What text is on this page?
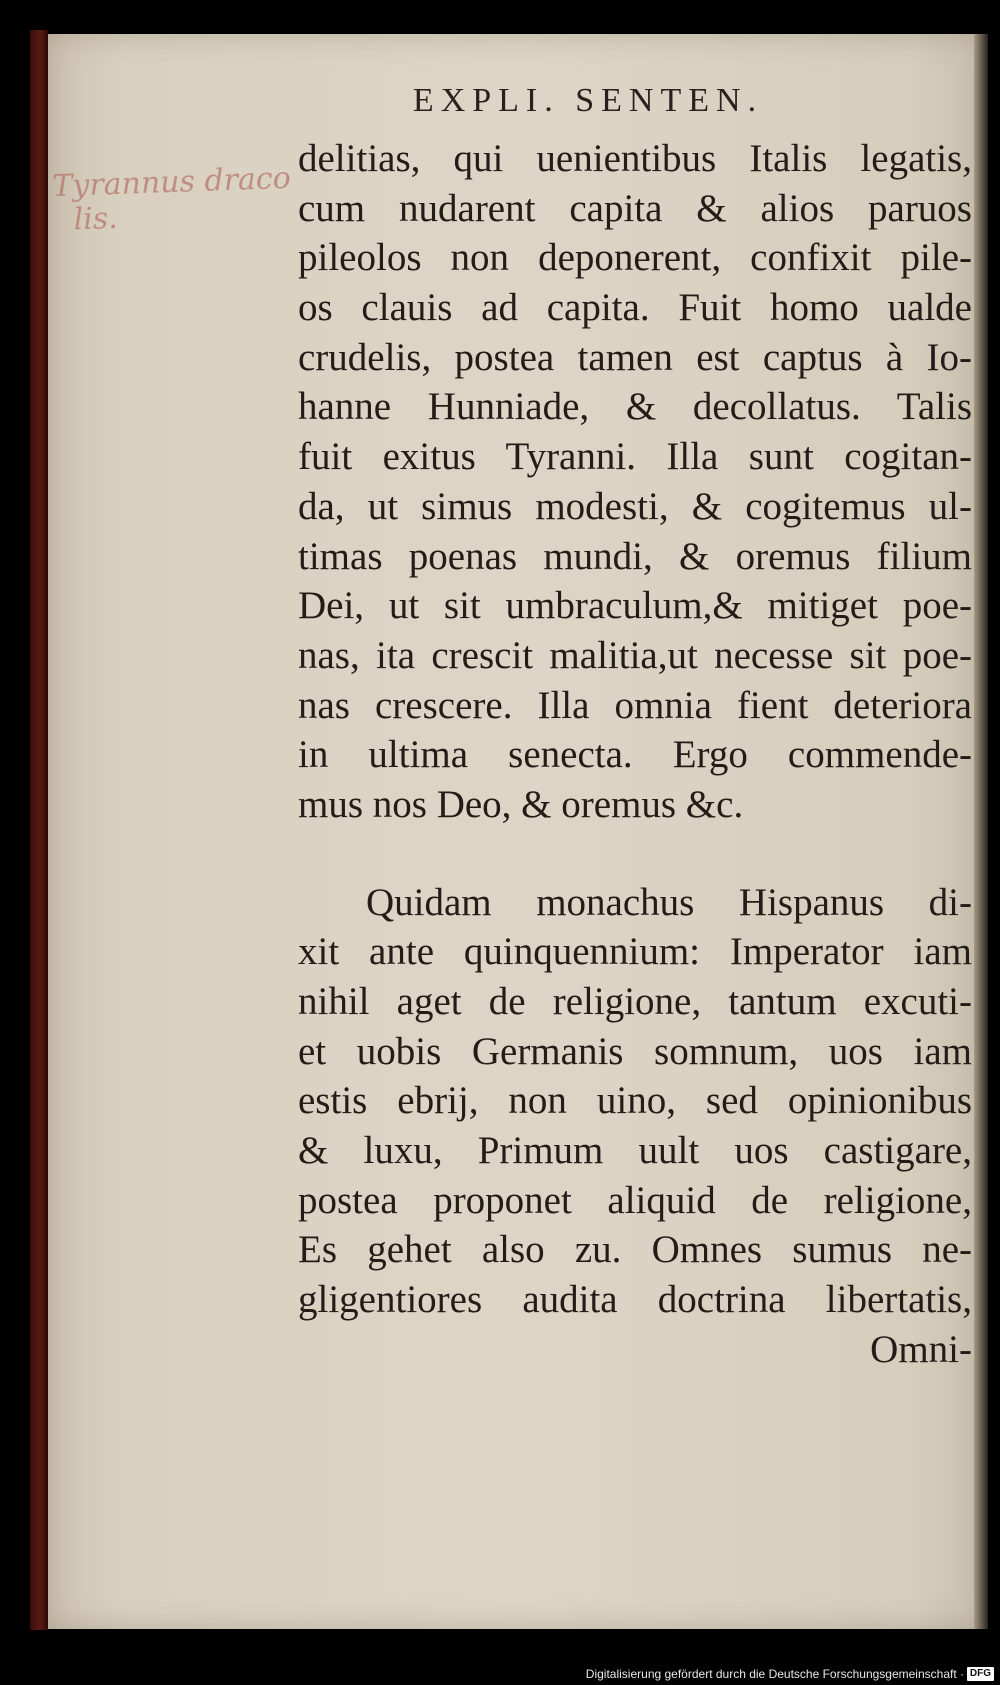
EXPLI. SENTEN.
Tyrannus draco
lis.
delitias, qui uenientibus Italis legatis,
cum nudarent capita & alios paruos
pileolos non deponerent, confixit pile-
os clauis ad capita. Fuit homo ualde
crudelis, postea tamen est captus à Io-
hanne Hunniade, & decollatus. Talis
fuit exitus Tyranni. Illa sunt cogitan-
da, ut simus modesti, & cogitemus ul-
timas poenas mundi, & oremus filium
Dei, ut sit umbraculum,& mitiget poe-
nas, ita crescit malitia,ut necesse sit poe-
nas crescere. Illa omnia fient deteriora
in ultima senecta. Ergo commende-
mus nos Deo, & oremus &c.
Quidam monachus Hispanus di-
xit ante quinquennium: Imperator iam
nihil aget de religione, tantum excuti-
et uobis Germanis somnum, uos iam
estis ebrij, non uino, sed opinionibus
& luxu, Primum uult uos castigare,
postea proponet aliquid de religione,
Es gehet also zu. Omnes sumus ne-
gligentiores audita doctrina libertatis,
Omni-
Digitalisierung gefördert durch die Deutsche Forschungsgemeinschaft · DFG
